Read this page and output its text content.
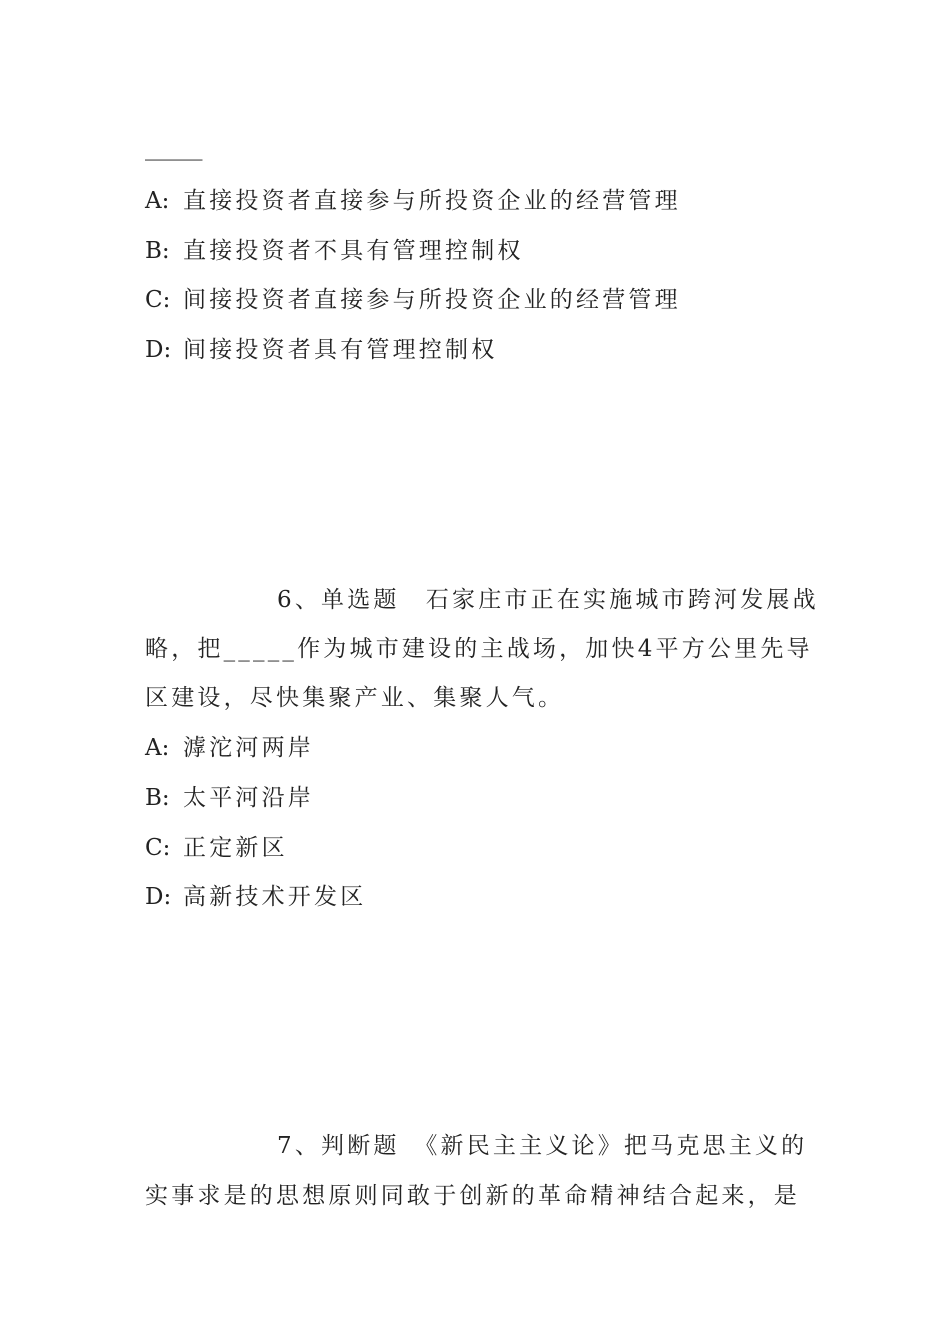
_____
A: 直接投资者直接参与所投资企业的经营管理
B: 直接投资者不具有管理控制权
C: 间接投资者直接参与所投资企业的经营管理
D: 间接投资者具有管理控制权
6、单选题　石家庄市正在实施城市跨河发展战
略，把_____作为城市建设的主战场，加快4平方公里先导
区建设，尽快集聚产业、集聚人气。
A: 滹沱河两岸
B: 太平河沿岸
C: 正定新区
D: 高新技术开发区
7、判断题　《新民主主义论》把马克思主义的
实事求是的思想原则同敢于创新的革命精神结合起来，是
